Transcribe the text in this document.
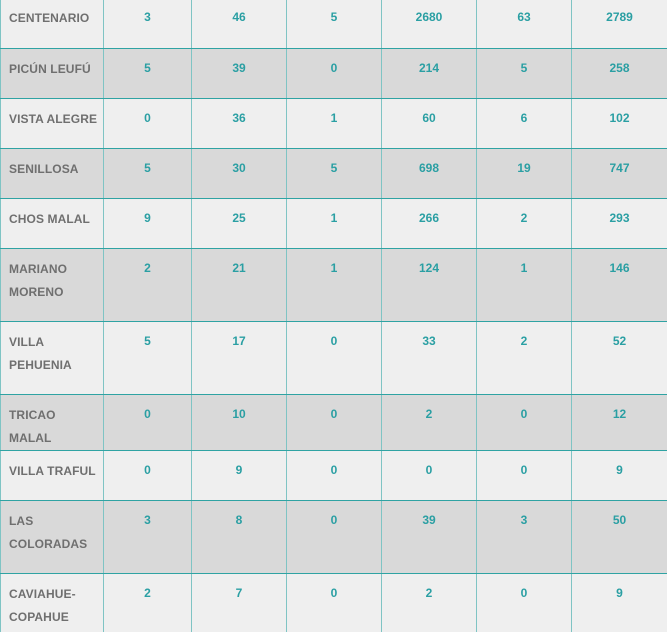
CENTENARIO	3	46	5	2680	63	2789
PICÚN LEUFÚ	5	39	0	214	5	258
VISTA ALEGRE	0	36	1	60	6	102
SENILLOSA	5	30	5	698	19	747
CHOS MALAL	9	25	1	266	2	293
MARIANO MORENO	2	21	1	124	1	146
VILLA PEHUENIA	5	17	0	33	2	52
TRICAO MALAL	0	10	0	2	0	12
VILLA TRAFUL	0	9	0	0	0	9
LAS COLORADAS	3	8	0	39	3	50
CAVIAHUE-COPAHUE	2	7	0	2	0	9
